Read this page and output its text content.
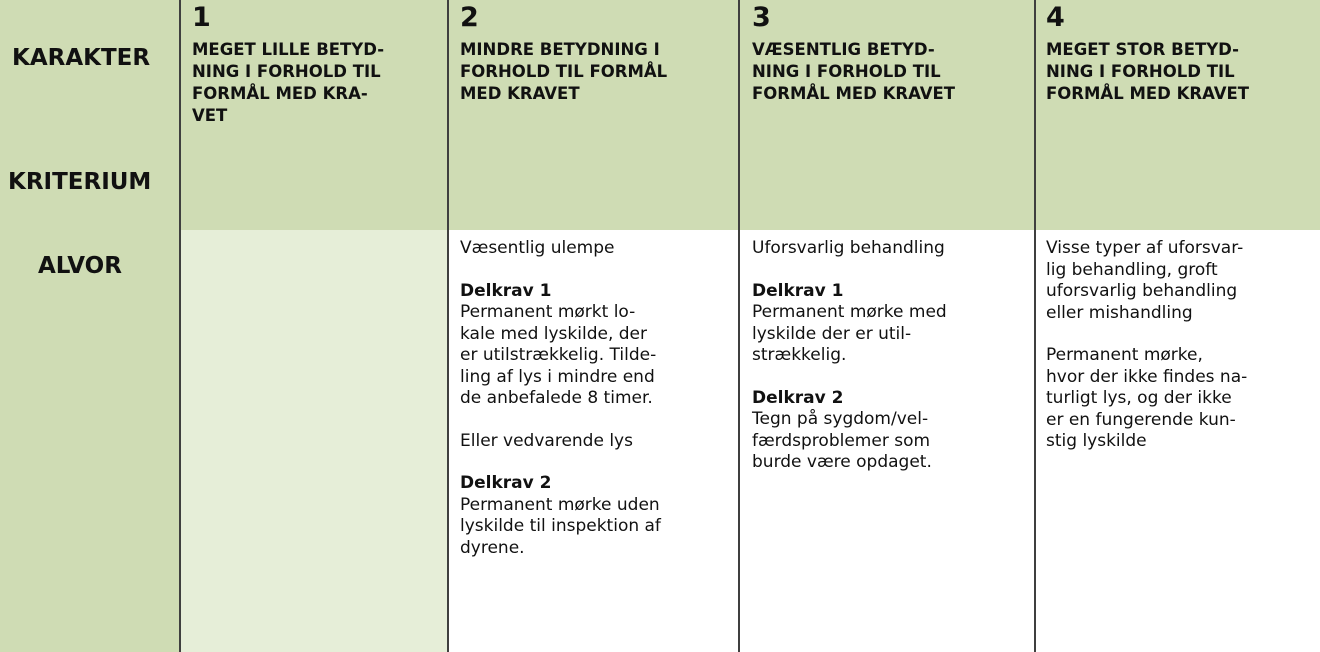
KARAKTER
KRITERIUM
ALVOR
1
MEGET LILLE BETYD-
NING I FORHOLD TIL
FORMÅL MED KRA-
VET
2
MINDRE BETYDNING I
FORHOLD TIL FORMÅL
MED KRAVET
3
VÆSENTLIG BETYD-
NING I FORHOLD TIL
FORMÅL MED KRAVET
4
MEGET STOR BETYD-
NING I FORHOLD TIL
FORMÅL MED KRAVET

Væsentlig ulempe

Delkrav 1

Permanent mørkt lo-
kale med lyskilde, der
er utilstrækkelig. Tilde-
ling af lys i mindre end
de anbefalede 8 timer.

Eller vedvarende lys

Delkrav 2

Permanent mørke uden
lyskilde til inspektion af
dyrene.

Uforsvarlig behandling

Delkrav 1

Permanent mørke med
lyskilde der er util-
strækkelig.

Delkrav 2

Tegn på sygdom/vel-
færdsproblemer som
burde være opdaget.

Visse typer af uforsvar-
lig behandling, groft
uforsvarlig behandling
eller mishandling

Permanent mørke,
hvor der ikke findes na-
turligt lys, og der ikke
er en fungerende kun-
stig lyskilde
